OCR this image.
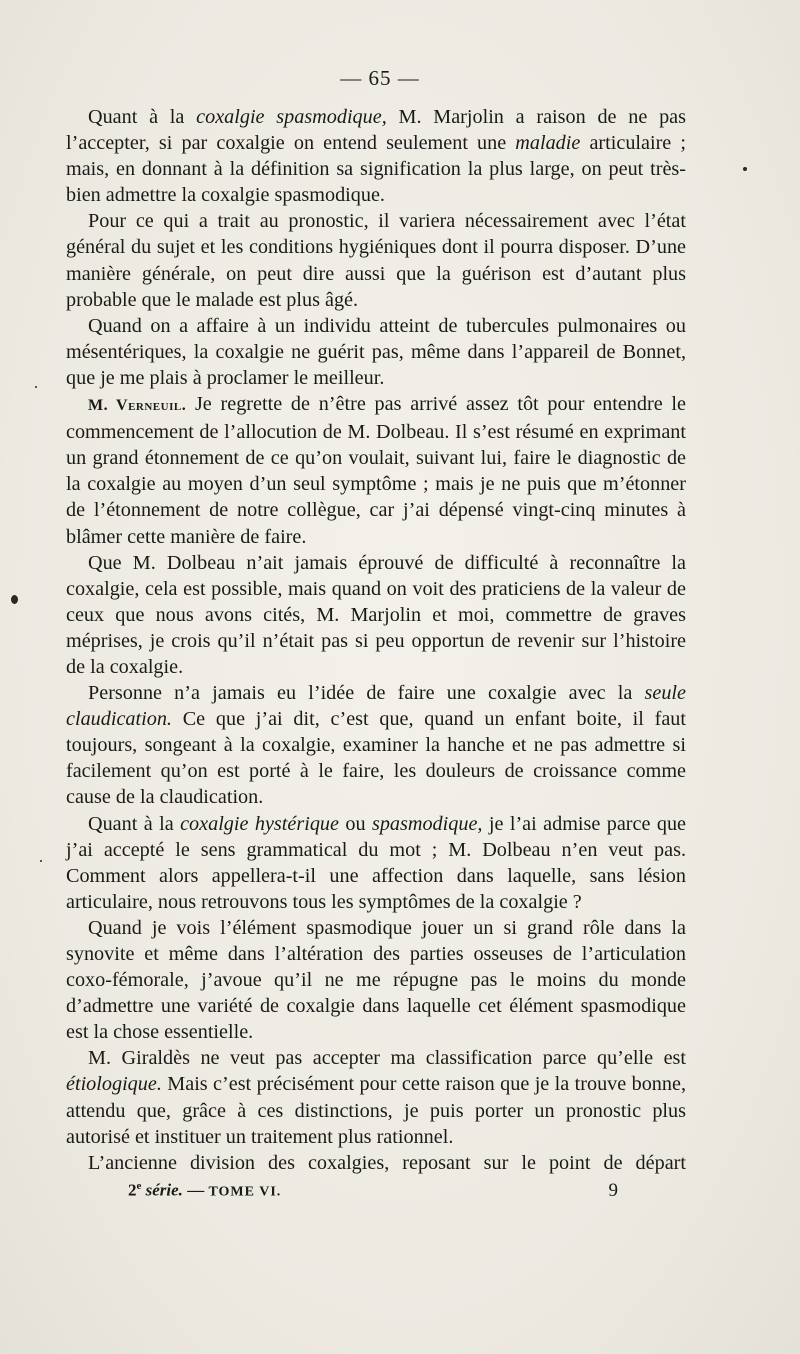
— 65 —

Quant à la coxalgie spasmodique, M. Marjolin a raison de ne pas l’accepter, si par coxalgie on entend seulement une maladie articulaire ; mais, en donnant à la définition sa signification la plus large, on peut très-bien admettre la coxalgie spasmodique.

Pour ce qui a trait au pronostic, il variera nécessairement avec l’état général du sujet et les conditions hygiéniques dont il pourra disposer. D’une manière générale, on peut dire aussi que la guérison est d’autant plus probable que le malade est plus âgé.

Quand on a affaire à un individu atteint de tubercules pulmonaires ou mésentériques, la coxalgie ne guérit pas, même dans l’appareil de Bonnet, que je me plais à proclamer le meilleur.

M. Verneuil. Je regrette de n’être pas arrivé assez tôt pour entendre le commencement de l’allocution de M. Dolbeau. Il s’est résumé en exprimant un grand étonnement de ce qu’on voulait, suivant lui, faire le diagnostic de la coxalgie au moyen d’un seul symptôme ; mais je ne puis que m’étonner de l’étonnement de notre collègue, car j’ai dépensé vingt-cinq minutes à blâmer cette manière de faire.

Que M. Dolbeau n’ait jamais éprouvé de difficulté à reconnaître la coxalgie, cela est possible, mais quand on voit des praticiens de la valeur de ceux que nous avons cités, M. Marjolin et moi, commettre de graves méprises, je crois qu’il n’était pas si peu opportun de revenir sur l’histoire de la coxalgie.

Personne n’a jamais eu l’idée de faire une coxalgie avec la seule claudication. Ce que j’ai dit, c’est que, quand un enfant boite, il faut toujours, songeant à la coxalgie, examiner la hanche et ne pas admettre si facilement qu’on est porté à le faire, les douleurs de croissance comme cause de la claudication.

Quant à la coxalgie hystérique ou spasmodique, je l’ai admise parce que j’ai accepté le sens grammatical du mot ; M. Dolbeau n’en veut pas. Comment alors appellera-t-il une affection dans laquelle, sans lésion articulaire, nous retrouvons tous les symptômes de la coxalgie ?

Quand je vois l’élément spasmodique jouer un si grand rôle dans la synovite et même dans l’altération des parties osseuses de l’articulation coxo-fémorale, j’avoue qu’il ne me répugne pas le moins du monde d’admettre une variété de coxalgie dans laquelle cet élément spasmodique est la chose essentielle.

M. Giraldès ne veut pas accepter ma classification parce qu’elle est étiologique. Mais c’est précisément pour cette raison que je la trouve bonne, attendu que, grâce à ces distinctions, je puis porter un pronostic plus autorisé et instituer un traitement plus rationnel.

L’ancienne division des coxalgies, reposant sur le point de départ

2e série. — TOME VI.	9
